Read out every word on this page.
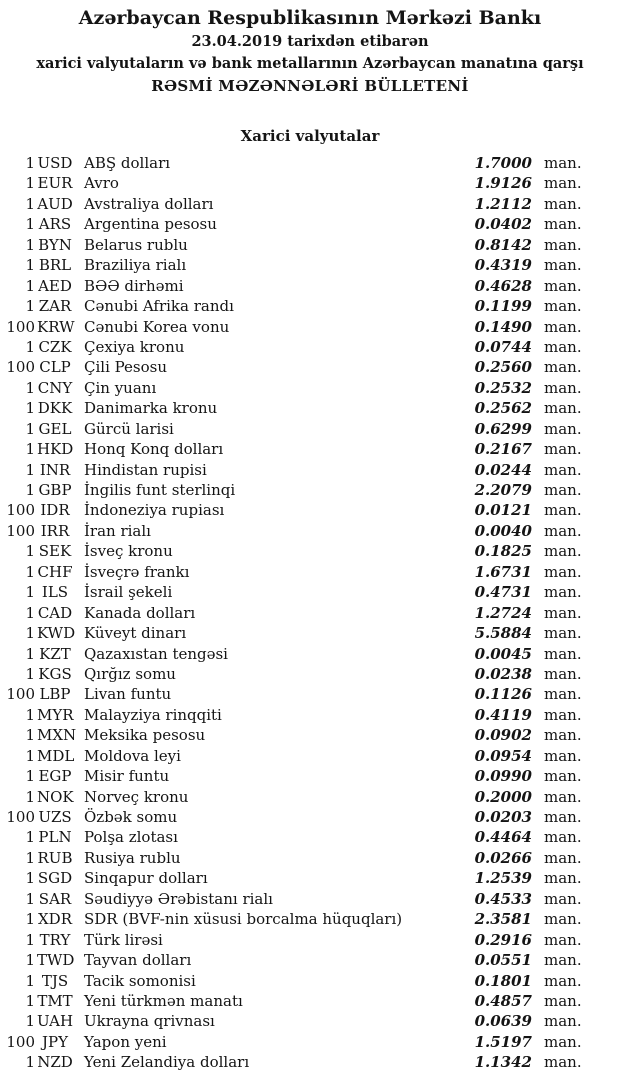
Azərbaycan Respublikasının Mərkəzi Bankı
23.04.2019 tarixdən etibarən
xarici valyutaların və bank metallarının Azərbaycan manatına qarşı
RƏSMİ MƏZƏNNƏLƏRİ BÜLLETENİ
Xarici valyutalar
1 USD ABŞ dolları	1.7000 man.
1 EUR Avro	1.9126 man.
1 AUD Avstraliya dolları	1.2112 man.
1 ARS Argentina pesosu	0.0402 man.
1 BYN Belarus rublu	0.8142 man.
1 BRL Braziliya rialı	0.4319 man.
1 AED BƏƏ dirhəmi	0.4628 man.
1 ZAR Cənubi Afrika randı	0.1199 man.
100 KRW Cənubi Korea vonu	0.1490 man.
1 CZK Çexiya kronu	0.0744 man.
100 CLP Çili Pesosu	0.2560 man.
1 CNY Çin yuanı	0.2532 man.
1 DKK Danimarka kronu	0.2562 man.
1 GEL Gürcü larisi	0.6299 man.
1 HKD Honq Konq dolları	0.2167 man.
1 INR Hindistan rupisi	0.0244 man.
1 GBP İngilis funt sterlinqi	2.2079 man.
100 IDR İndoneziya rupiası	0.0121 man.
100 IRR İran rialı	0.0040 man.
1 SEK İsveç kronu	0.1825 man.
1 CHF İsveçrə frankı	1.6731 man.
1 ILS	İsrail şekeli	0.4731 man.
1 CAD Kanada dolları	1.2724 man.
1 KWD Küveyt dinarı	5.5884 man.
1 KZT Qazaxıstan tengəsi	0.0045 man.
1 KGS Qırğız somu	0.0238 man.
100 LBP Livan funtu	0.1126 man.
1 MYR Malayziya rinqqiti	0.4119 man.
1 MXN Meksika pesosu	0.0902 man.
1 MDL Moldova leyi	0.0954 man.
1 EGP Misir funtu	0.0990 man.
1 NOK Norveç kronu	0.2000 man.
100 UZS Özbək somu	0.0203 man.
1 PLN Polşa zlotası	0.4464 man.
1 RUB Rusiya rublu	0.0266 man.
1 SGD Sinqapur dolları	1.2539 man.
1 SAR Səudiyyə Ərəbistanı rialı	0.4533 man.
1 XDR SDR (BVF-nin xüsusi borcalma hüquqları)	2.3581 man.
1 TRY Türk lirəsi	0.2916 man.
1 TWD Tayvan dolları	0.0551 man.
1 TJS	Tacik somonisi	0.1801 man.
1 TMT Yeni türkmən manatı	0.4857 man.
1 UAH Ukrayna qrivnası	0.0639 man.
100 JPY	Yapon yeni	1.5197 man.
1 NZD Yeni Zelandiya dolları	1.1342 man.
